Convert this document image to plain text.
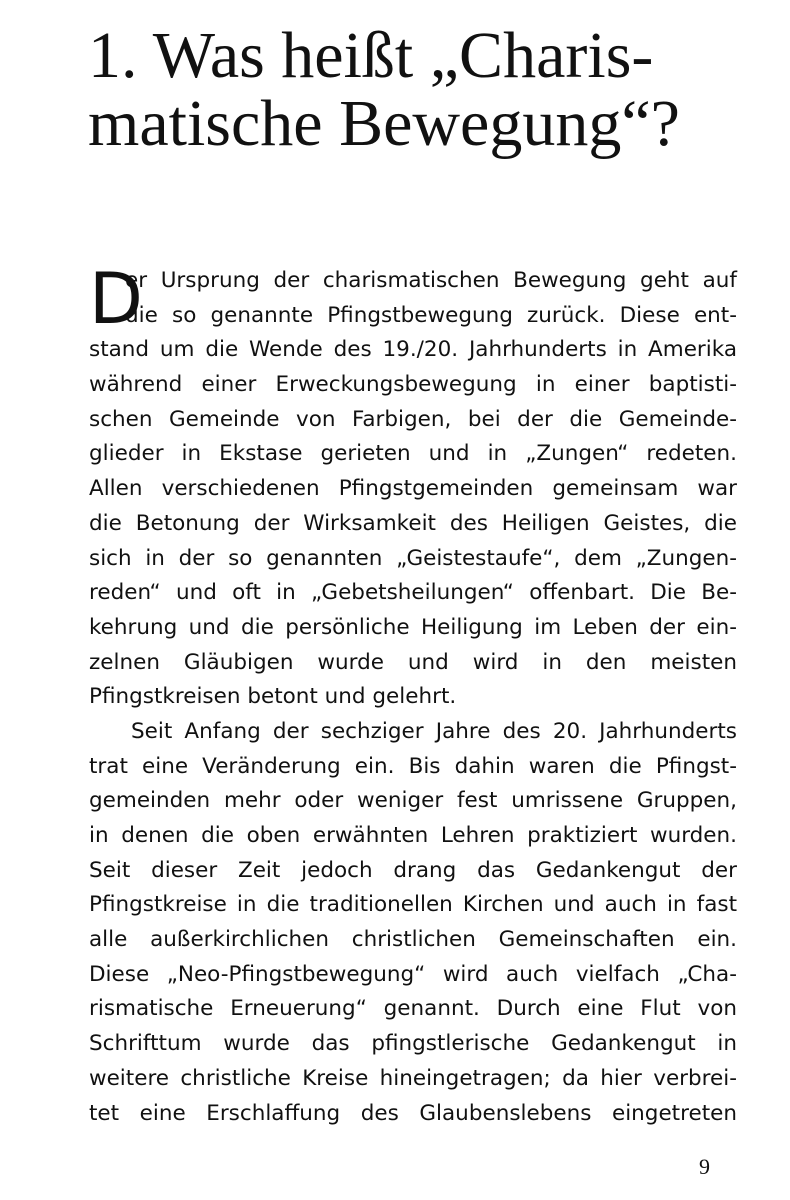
1. Was heißt „Charis-
matische Bewegung“?
D
er Ursprung der charismatischen Bewegung geht auf
die so genannte Pfingstbewegung zurück. Diese ent-
stand um die Wende des 19./20. Jahrhunderts in Amerika
während einer Erweckungsbewegung in einer baptisti-
schen Gemeinde von Farbigen, bei der die Gemeinde-
glieder in Ekstase gerieten und in „Zungen“ redeten.
Allen verschiedenen Pfingstgemeinden gemeinsam war
die Betonung der Wirksamkeit des Heiligen Geistes, die
sich in der so genannten „Geistestaufe“, dem „Zungen-
reden“ und oft in „Gebetsheilungen“ offenbart. Die Be-
kehrung und die persönliche Heiligung im Leben der ein-
zelnen Gläubigen wurde und wird in den meisten
Pfingstkreisen betont und gelehrt.
Seit Anfang der sechziger Jahre des 20. Jahrhunderts
trat eine Veränderung ein. Bis dahin waren die Pfingst-
gemeinden mehr oder weniger fest umrissene Gruppen,
in denen die oben erwähnten Lehren praktiziert wurden.
Seit dieser Zeit jedoch drang das Gedankengut der
Pfingstkreise in die traditionellen Kirchen und auch in fast
alle außerkirchlichen christlichen Gemeinschaften ein.
Diese „Neo-Pfingstbewegung“ wird auch vielfach „Cha-
rismatische Erneuerung“ genannt. Durch eine Flut von
Schrifttum wurde das pfingstlerische Gedankengut in
weitere christliche Kreise hineingetragen; da hier verbrei-
tet eine Erschlaffung des Glaubenslebens eingetreten
9
